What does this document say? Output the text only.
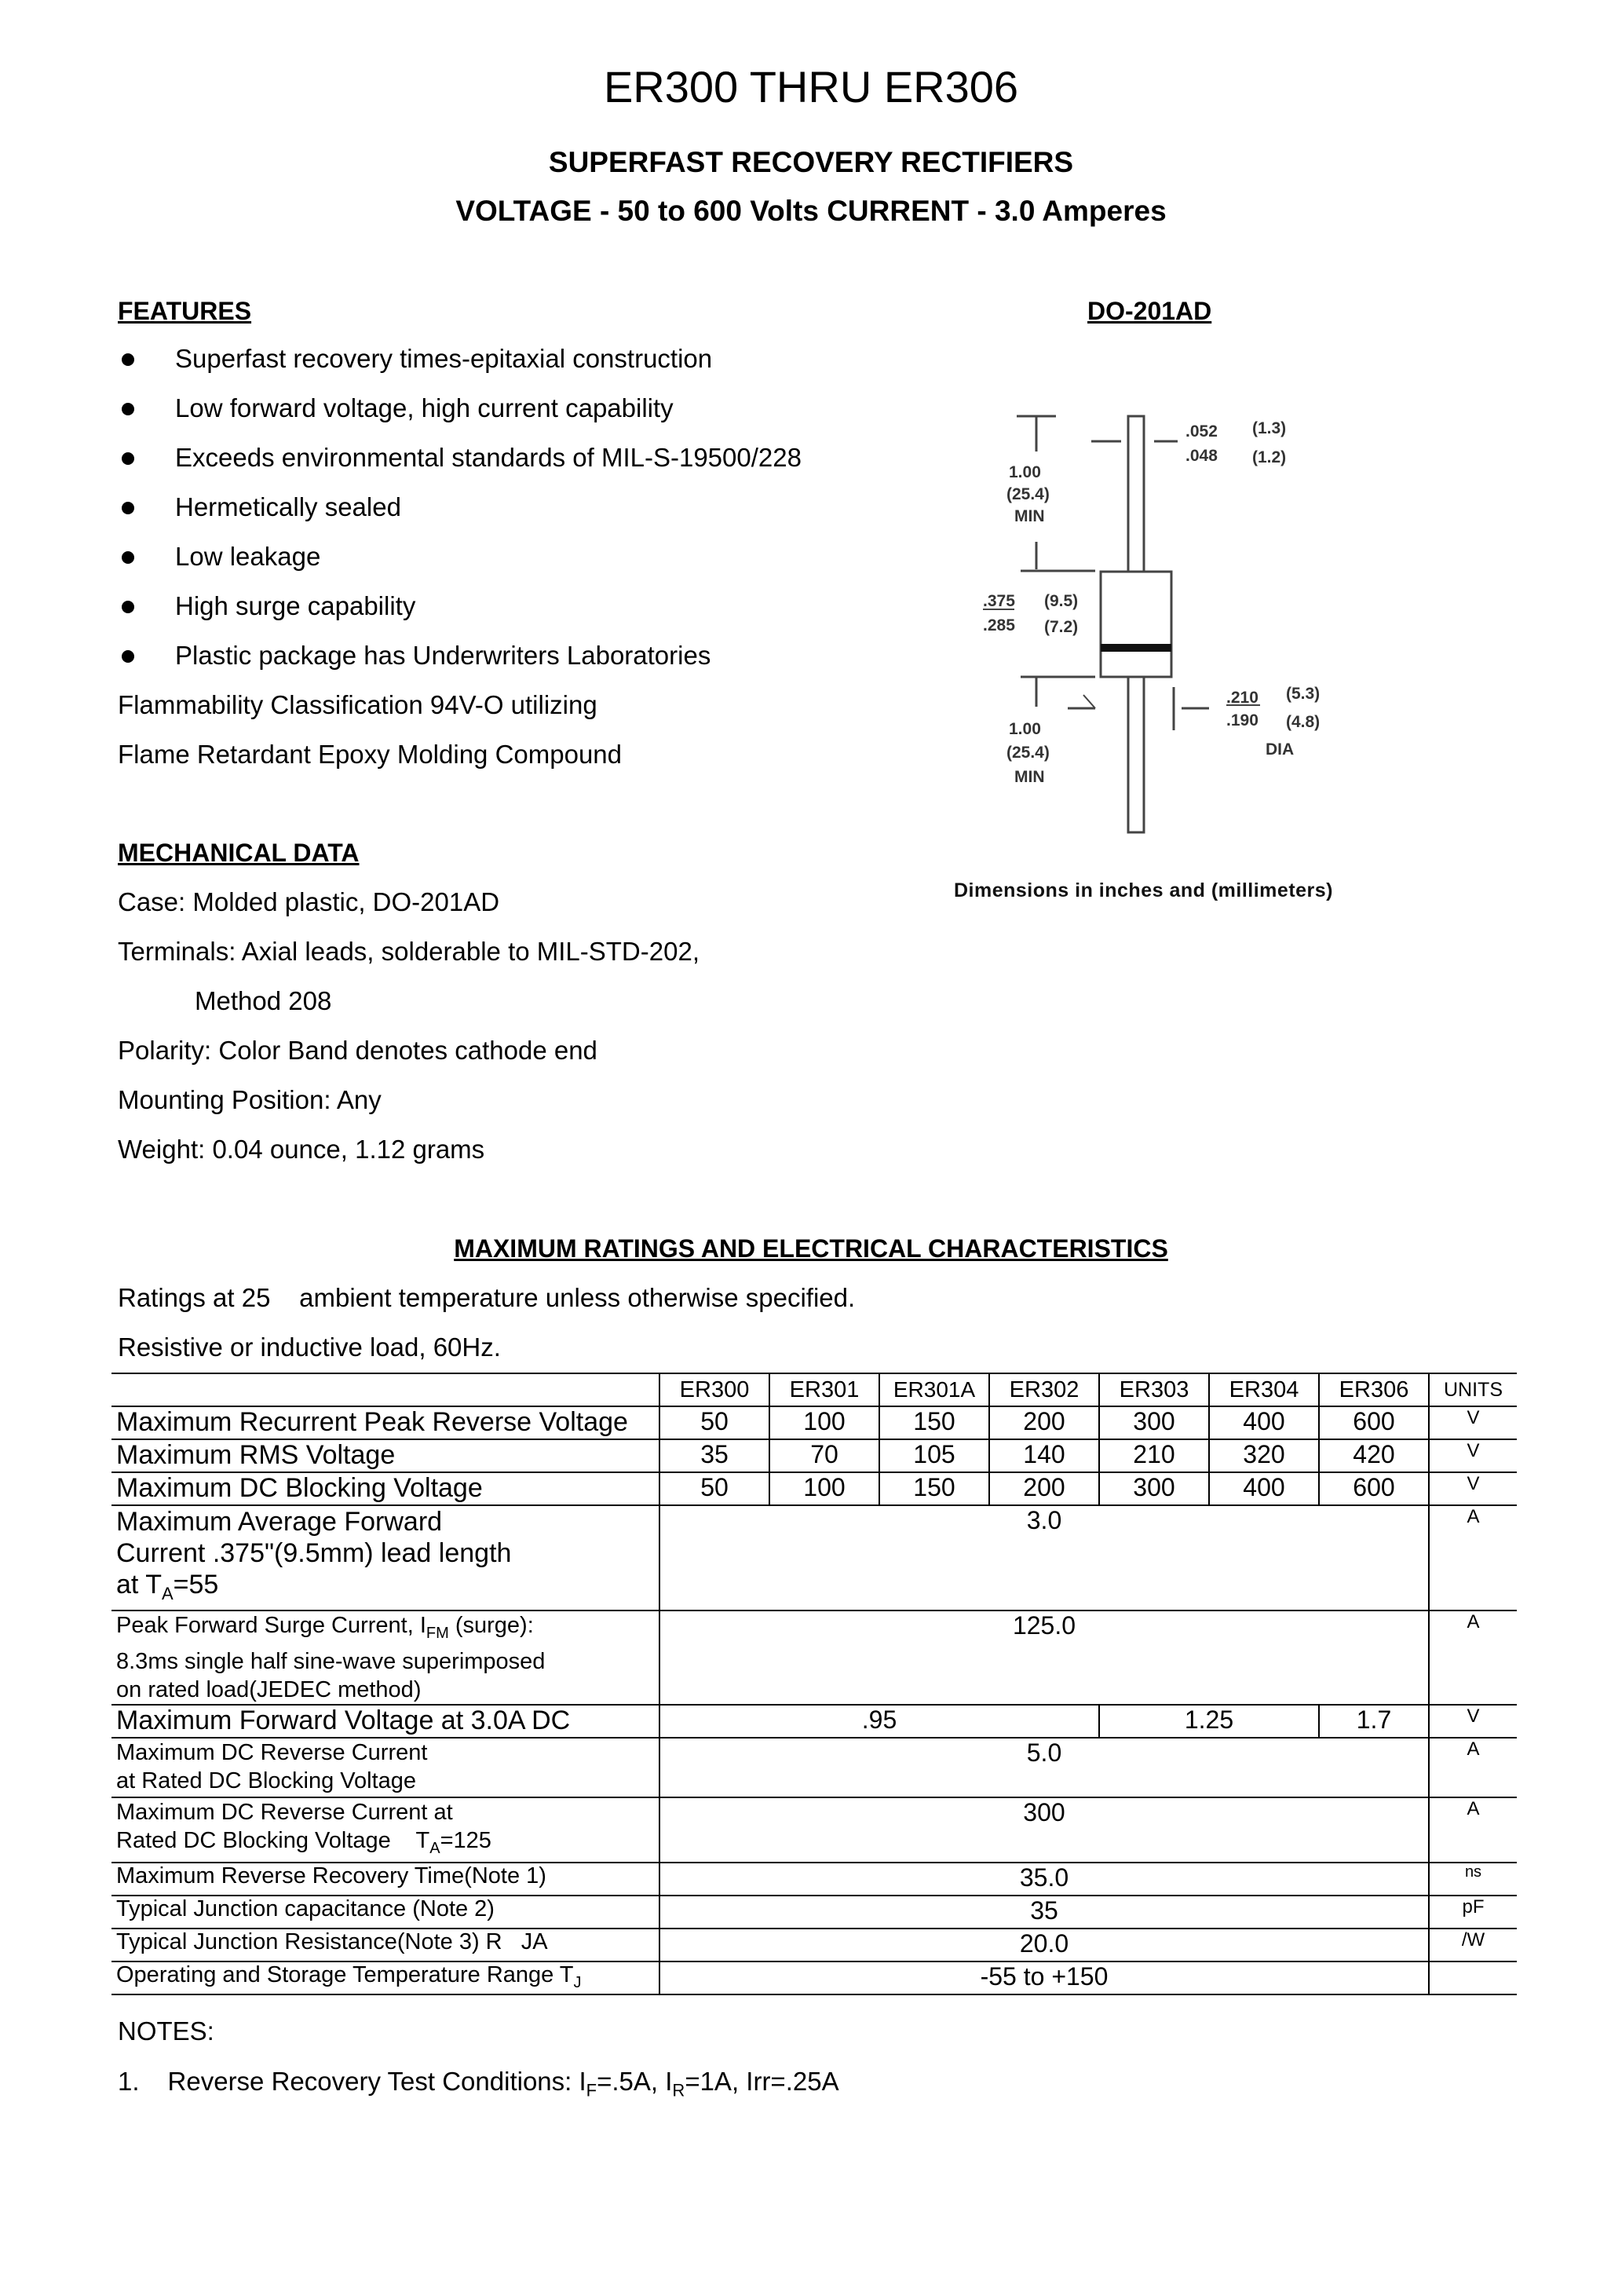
ER300 THRU ER306
SUPERFAST RECOVERY RECTIFIERS
VOLTAGE - 50 to 600 Volts CURRENT - 3.0 Amperes
FEATURES
Superfast recovery times-epitaxial construction
Low forward voltage, high current capability
Exceeds environmental standards of MIL-S-19500/228
Hermetically sealed
Low leakage
High surge capability
Plastic package has Underwriters Laboratories
Flammability Classification 94V-O utilizing
Flame Retardant Epoxy Molding Compound
DO-201AD
1.00
(25.4)
MIN
.052 (1.3)
.048 (1.2)
.375 (9.5)
.285 (7.2)
1.00
(25.4)
MIN
.210 (5.3)
.190 (4.8)
DIA
Dimensions in inches and (millimeters)
MECHANICAL DATA
Case: Molded plastic, DO-201AD
Terminals: Axial leads, solderable to MIL-STD-202,
Method 208
Polarity: Color Band denotes cathode end
Mounting Position: Any
Weight: 0.04 ounce, 1.12 grams
MAXIMUM RATINGS AND ELECTRICAL CHARACTERISTICS
Ratings at 25    ambient temperature unless otherwise specified.
Resistive or inductive load, 60Hz.
	ER300	ER301	ER301A	ER302	ER303	ER304	ER306	UNITS
Maximum Recurrent Peak Reverse Voltage	50	100	150	200	300	400	600	V
Maximum RMS Voltage	35	70	105	140	210	320	420	V
Maximum DC Blocking Voltage	50	100	150	200	300	400	600	V

Maximum Average Forward
Current .375"(9.5mm) lead length
at $T_A=55$	3.0							A

Peak Forward Surge Current, $I_{FM}$ (surge):
8.3ms single half sine-wave superimposed
on rated load(JEDEC method)	125.0							A
Maximum Forward Voltage at 3.0A DC	.95				1.25		1.7	V

Maximum DC Reverse Current
at Rated DC Blocking Voltage	5.0							A

Maximum DC Reverse Current at
Rated DC Blocking Voltage    $T_A=125$	300							A
Maximum Reverse Recovery Time(Note 1)	35.0							ns
Typical Junction capacitance (Note 2)	35							pF
Typical Junction Resistance(Note 3) R   JA	20.0							/W
Operating and Storage Temperature Range $T_J$	-55 to +150							
NOTES:
1. Reverse Recovery Test Conditions: $I_F=.5A$, $I_R=1A$, Irr=.25A
